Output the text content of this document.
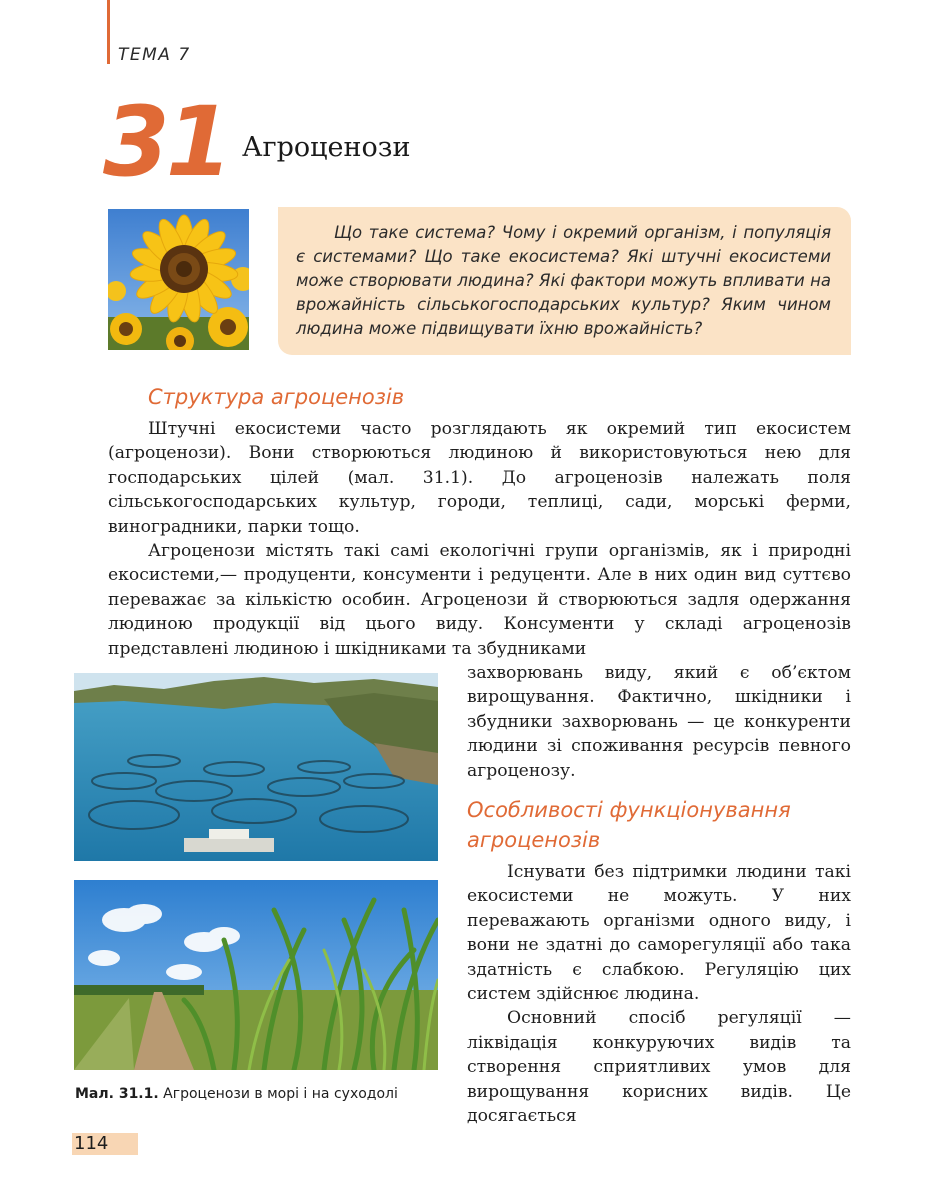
ТЕМА 7
31 Агроценози
Що таке система? Чому і окремий організм, і популяція є системами? Що таке екосистема? Які штучні екосистеми може створювати людина? Які фактори можуть впливати на врожайність сільськогосподарських культур? Яким чином людина може підвищувати їхню врожайність?
Структура агроценозів

Штучні екосистеми часто розглядають як окремий тип екосистем (агроценози). Вони створюються людиною й використовуються нею для господарських цілей (мал. 31.1). До агроценозів належать поля сільськогосподарських культур, городи, теплиці, сади, морські ферми, виноградники, парки тощо.

Агроценози містять такі самі екологічні групи організмів, як і природні екосистеми,— продуценти, консументи і редуценти. Але в них один вид суттєво переважає за кількістю особин. Агроценози й створюються задля одержання людиною продукції від цього виду. Консументи у складі агроценозів представлені людиною і шкідниками та збудниками

захворювань виду, який є об’єктом вирощування. Фактично, шкідники і збудники захворювань — це конкуренти людини зі споживання ресурсів певного агроценозу.

Особливості функціонування
агроценозів

Існувати без підтримки людини такі екосистеми не можуть. У них переважають організми одного виду, і вони не здатні до саморегуляції або така здатність є слабкою. Регуляцію цих систем здійснює людина.

Основний спосіб регуляції — ліквідація конкуруючих видів та створення сприятливих умов для вирощування корисних видів. Це досягається

Мал. 31.1. Агроценози в морі і на суходолі
114
